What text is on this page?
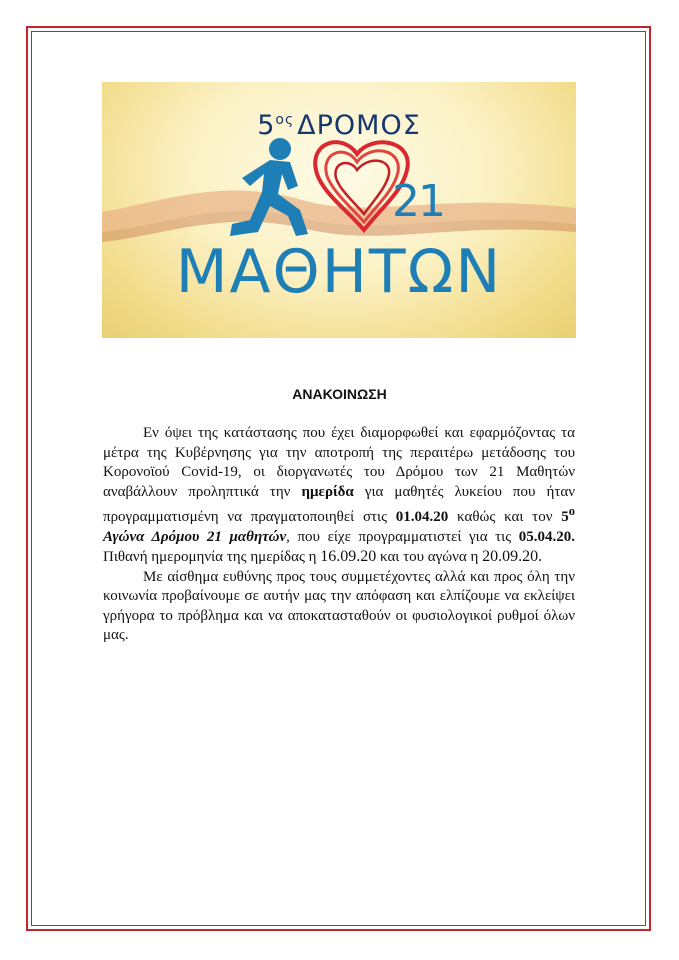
$5^{o\varsigma}$ ΔΡΟΜΟΣ
21
ΜΑΘΗΤΩΝ
ΑΝΑΚΟΙΝΩΣΗ

Εν όψει της κατάστασης που έχει διαμορφωθεί και εφαρμόζοντας τα μέτρα της Κυβέρνησης για την αποτροπή της περαιτέρω μετάδοσης του Κορονοϊού Covid-19, οι διοργανωτές του Δρόμου των 21 Μαθητών αναβάλλουν προληπτικά την ημερίδα για μαθητές λυκείου που ήταν προγραμματισμένη να πραγματοποιηθεί στις 01.04.20 καθώς και τον $5^o$ Αγώνα Δρόμου 21 μαθητών, που είχε προγραμματιστεί για τις 05.04.20. Πιθανή ημερομηνία της ημερίδας η 16.09.20 και του αγώνα η 20.09.20.

Με αίσθημα ευθύνης προς τους συμμετέχοντες αλλά και προς όλη την κοινωνία προβαίνουμε σε αυτήν μας την απόφαση και ελπίζουμε να εκλείψει γρήγορα το πρόβλημα και να αποκατασταθούν οι φυσιολογικοί ρυθμοί όλων μας.
